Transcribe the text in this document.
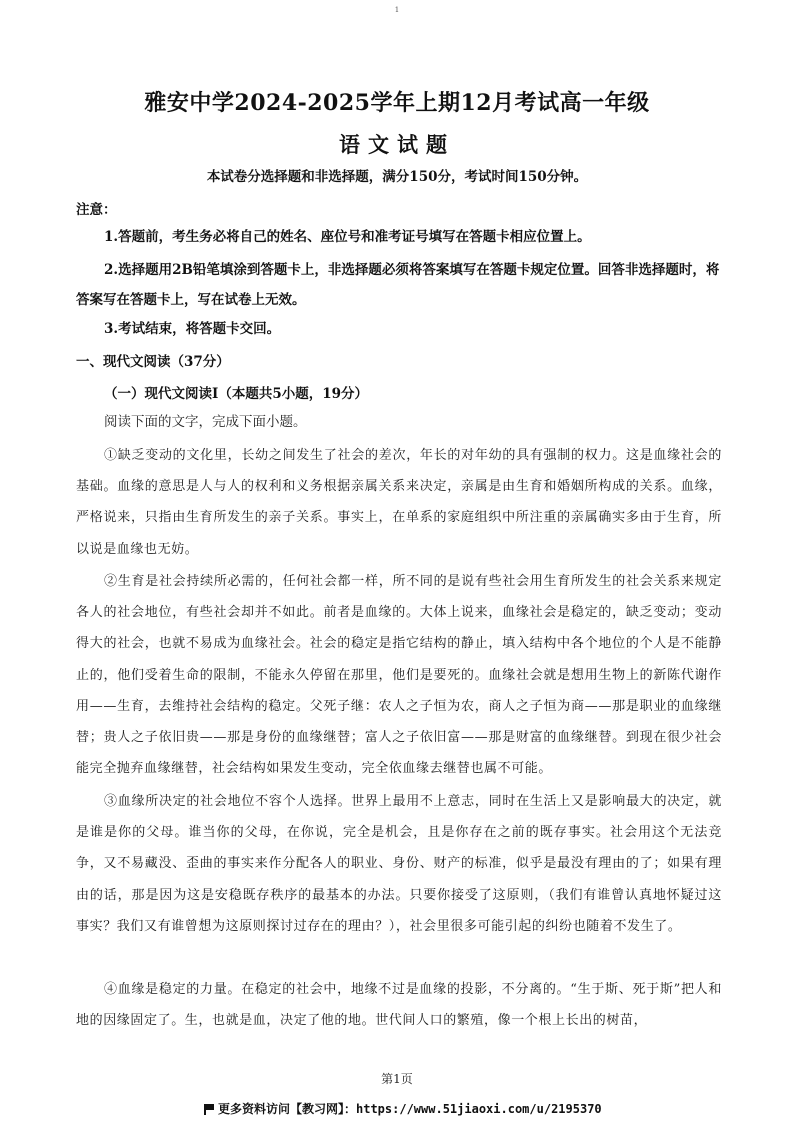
1
雅安中学2024-2025学年上期12月考试高一年级
语文试题
本试卷分选择题和非选择题，满分150分，考试时间150分钟。
注意：
1.答题前，考生务必将自己的姓名、座位号和准考证号填写在答题卡相应位置上。
2.选择题用2B铅笔填涂到答题卡上，非选择题必须将答案填写在答题卡规定位置。回答非选择题时，将答案写在答题卡上，写在试卷上无效。
3.考试结束，将答题卡交回。
一、现代文阅读（37分）
（一）现代文阅读Ⅰ（本题共5小题，19分）
阅读下面的文字，完成下面小题。
①缺乏变动的文化里，长幼之间发生了社会的差次，年长的对年幼的具有强制的权力。这是血缘社会的基础。血缘的意思是人与人的权利和义务根据亲属关系来决定，亲属是由生育和婚姻所构成的关系。血缘，严格说来，只指由生育所发生的亲子关系。事实上，在单系的家庭组织中所注重的亲属确实多由于生育，所以说是血缘也无妨。
②生育是社会持续所必需的，任何社会都一样，所不同的是说有些社会用生育所发生的社会关系来规定各人的社会地位，有些社会却并不如此。前者是血缘的。大体上说来，血缘社会是稳定的，缺乏变动；变动得大的社会，也就不易成为血缘社会。社会的稳定是指它结构的静止，填入结构中各个地位的个人是不能静止的，他们受着生命的限制，不能永久停留在那里，他们是要死的。血缘社会就是想用生物上的新陈代谢作用——生育，去维持社会结构的稳定。父死子继：农人之子恒为农，商人之子恒为商——那是职业的血缘继替；贵人之子依旧贵——那是身份的血缘继替；富人之子依旧富——那是财富的血缘继替。到现在很少社会能完全抛弃血缘继替，社会结构如果发生变动，完全依血缘去继替也属不可能。
③血缘所决定的社会地位不容个人选择。世界上最用不上意志，同时在生活上又是影响最大的决定，就是谁是你的父母。谁当你的父母，在你说，完全是机会，且是你存在之前的既存事实。社会用这个无法竞争，又不易藏没、歪曲的事实来作分配各人的职业、身份、财产的标准，似乎是最没有理由的了；如果有理由的话，那是因为这是安稳既存秩序的最基本的办法。只要你接受了这原则，（我们有谁曾认真地怀疑过这事实？我们又有谁曾想为这原则探讨过存在的理由？），社会里很多可能引起的纠纷也随着不发生了。
④血缘是稳定的力量。在稳定的社会中，地缘不过是血缘的投影，不分离的。“生于斯、死于斯”把人和地的因缘固定了。生，也就是血，决定了他的地。世代间人口的繁殖，像一个根上长出的树苗，
第1页
更多资料访问【教习网】：https://www.51jiaoxi.com/u/2195370
